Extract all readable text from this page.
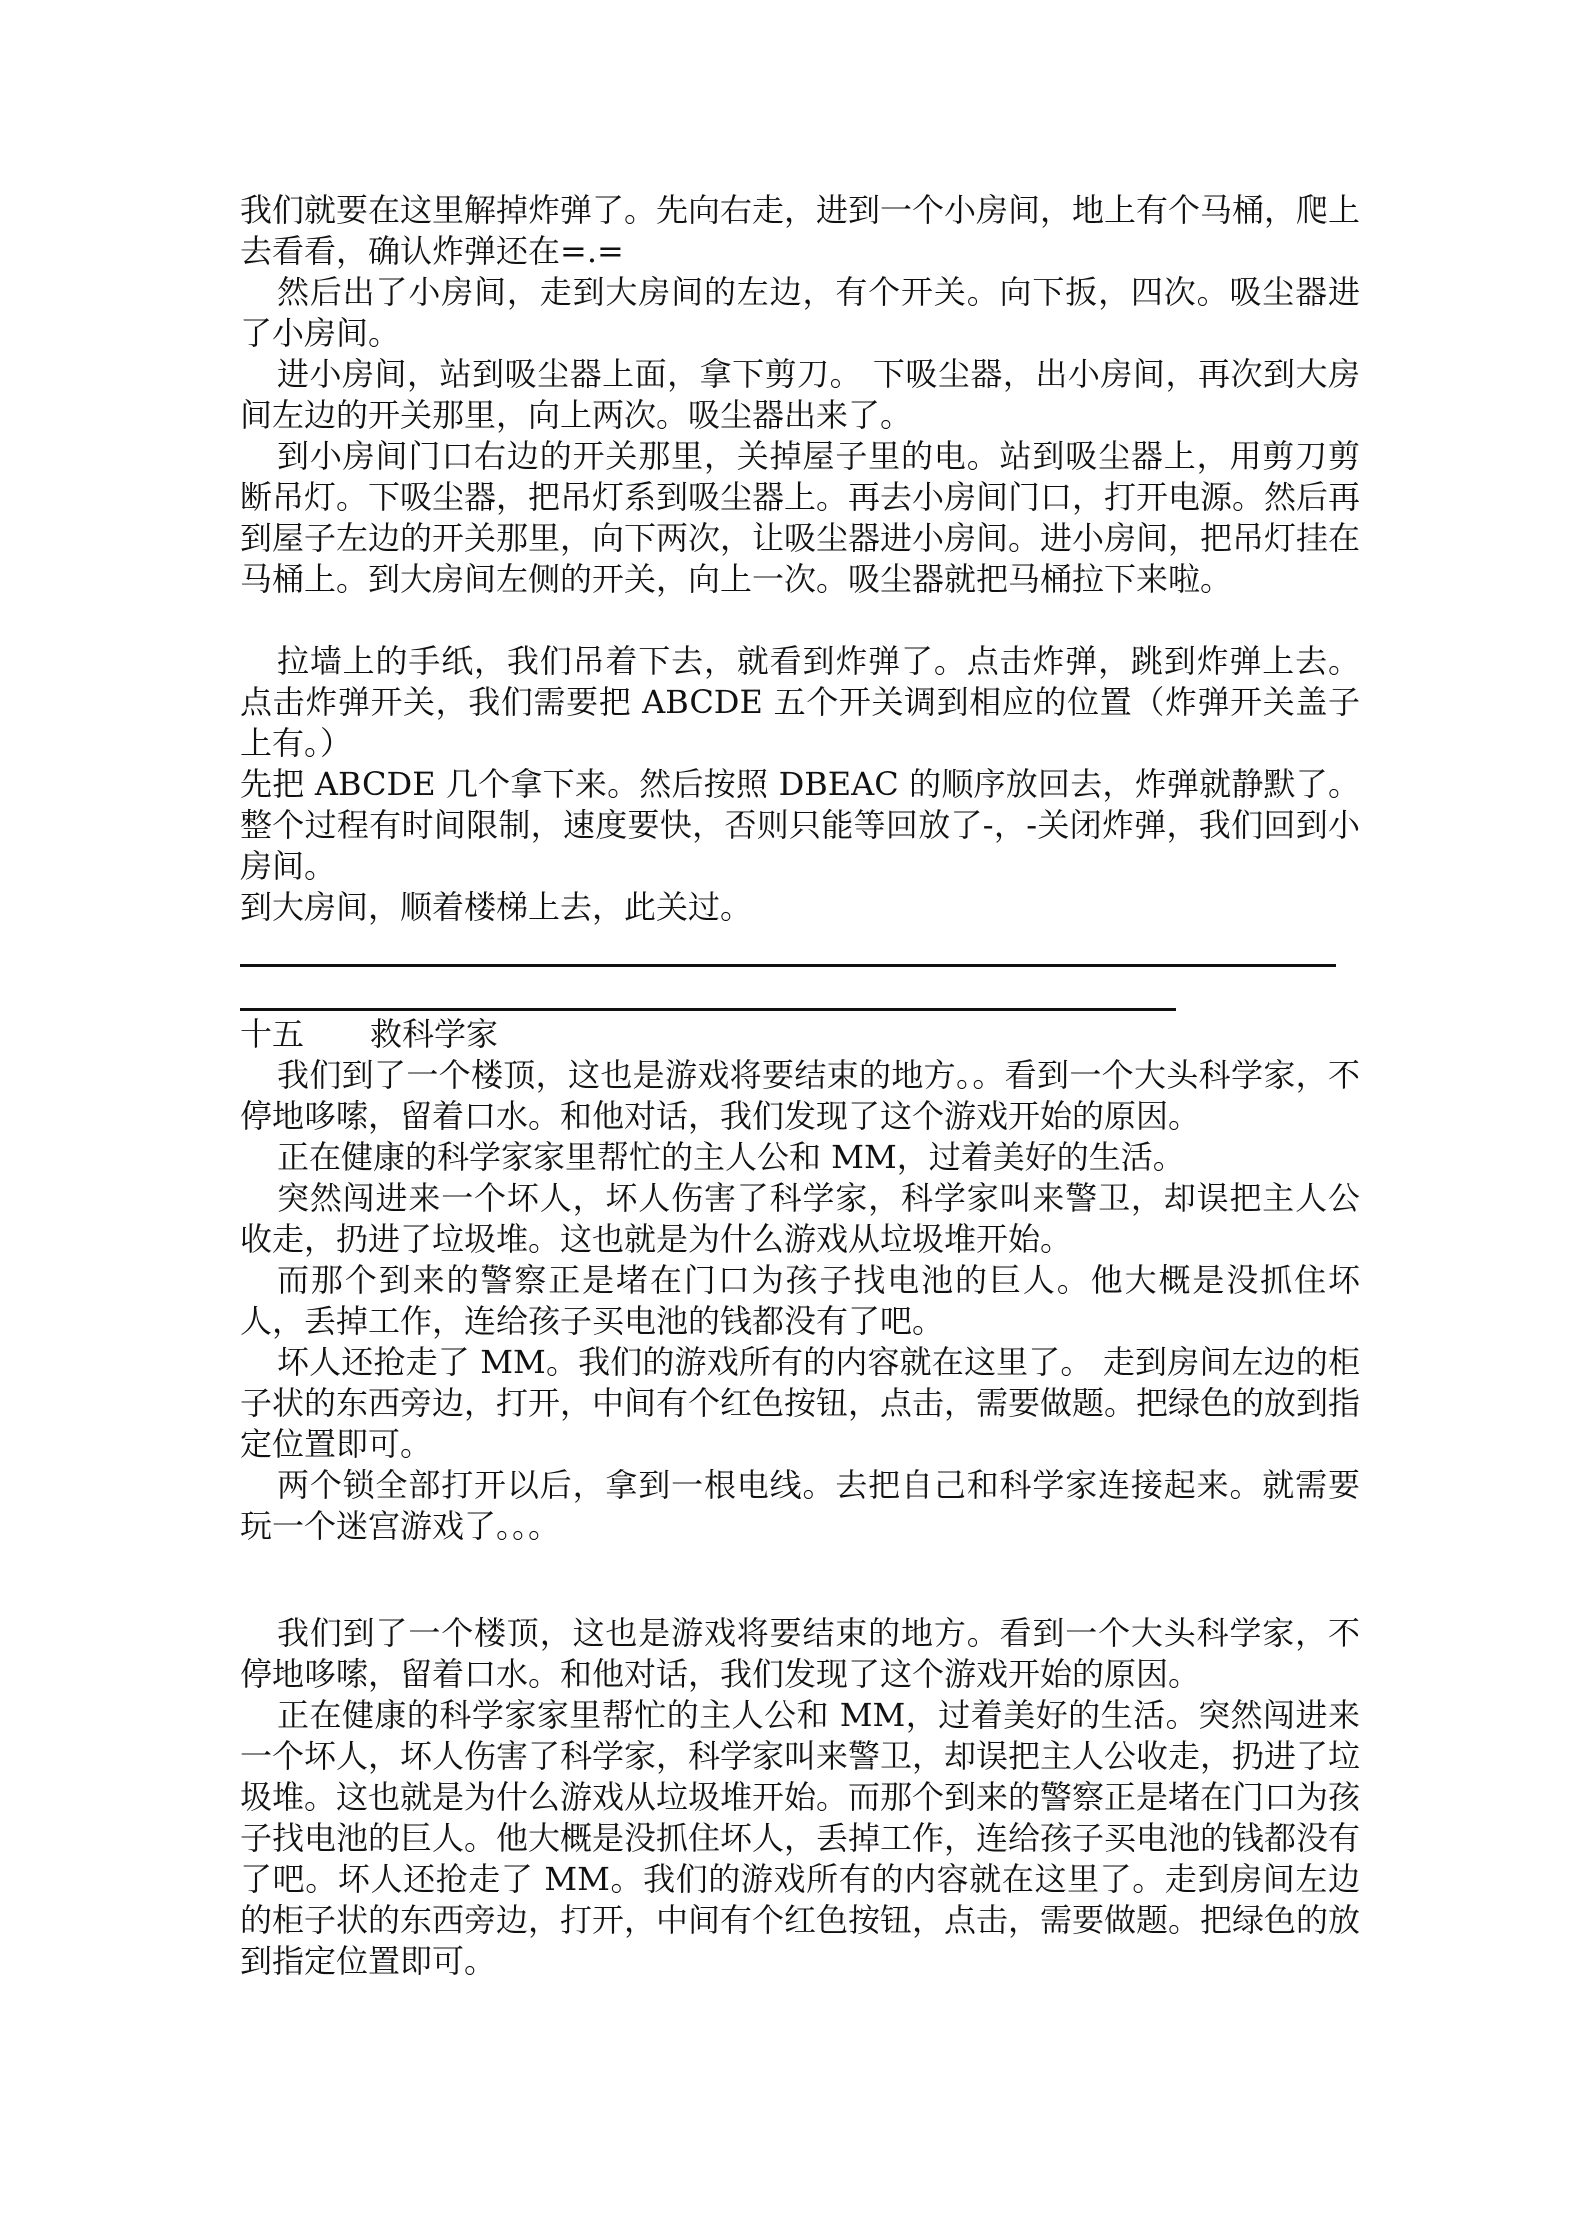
我们就要在这里解掉炸弹了。先向右走，进到一个小房间，地上有个马桶，爬上去看看，确认炸弹还在=.=

然后出了小房间，走到大房间的左边，有个开关。向下扳，四次。吸尘器进了小房间。

进小房间，站到吸尘器上面，拿下剪刀。 下吸尘器，出小房间，再次到大房间左边的开关那里，向上两次。吸尘器出来了。

到小房间门口右边的开关那里，关掉屋子里的电。站到吸尘器上，用剪刀剪断吊灯。下吸尘器，把吊灯系到吸尘器上。再去小房间门口，打开电源。然后再到屋子左边的开关那里，向下两次，让吸尘器进小房间。进小房间，把吊灯挂在马桶上。到大房间左侧的开关，向上一次。吸尘器就把马桶拉下来啦。

拉墙上的手纸，我们吊着下去，就看到炸弹了。点击炸弹，跳到炸弹上去。点击炸弹开关，我们需要把 ABCDE 五个开关调到相应的位置（炸弹开关盖子上有。）

先把 ABCDE 几个拿下来。然后按照 DBEAC 的顺序放回去，炸弹就静默了。整个过程有时间限制，速度要快，否则只能等回放了-，-关闭炸弹，我们回到小房间。

到大房间，顺着楼梯上去，此关过。

十五 救科学家

我们到了一个楼顶，这也是游戏将要结束的地方。。看到一个大头科学家，不停地哆嗦，留着口水。和他对话，我们发现了这个游戏开始的原因。

正在健康的科学家家里帮忙的主人公和 MM，过着美好的生活。

突然闯进来一个坏人，坏人伤害了科学家，科学家叫来警卫，却误把主人公收走，扔进了垃圾堆。这也就是为什么游戏从垃圾堆开始。

而那个到来的警察正是堵在门口为孩子找电池的巨人。他大概是没抓住坏人，丢掉工作，连给孩子买电池的钱都没有了吧。

坏人还抢走了 MM。我们的游戏所有的内容就在这里了。 走到房间左边的柜子状的东西旁边，打开，中间有个红色按钮，点击，需要做题。把绿色的放到指定位置即可。

两个锁全部打开以后，拿到一根电线。去把自己和科学家连接起来。就需要玩一个迷宫游戏了。。。

我们到了一个楼顶，这也是游戏将要结束的地方。看到一个大头科学家，不停地哆嗦，留着口水。和他对话，我们发现了这个游戏开始的原因。

正在健康的科学家家里帮忙的主人公和 MM，过着美好的生活。突然闯进来一个坏人，坏人伤害了科学家，科学家叫来警卫，却误把主人公收走，扔进了垃圾堆。这也就是为什么游戏从垃圾堆开始。而那个到来的警察正是堵在门口为孩子找电池的巨人。他大概是没抓住坏人，丢掉工作，连给孩子买电池的钱都没有了吧。坏人还抢走了 MM。我们的游戏所有的内容就在这里了。走到房间左边的柜子状的东西旁边，打开，中间有个红色按钮，点击，需要做题。把绿色的放到指定位置即可。
